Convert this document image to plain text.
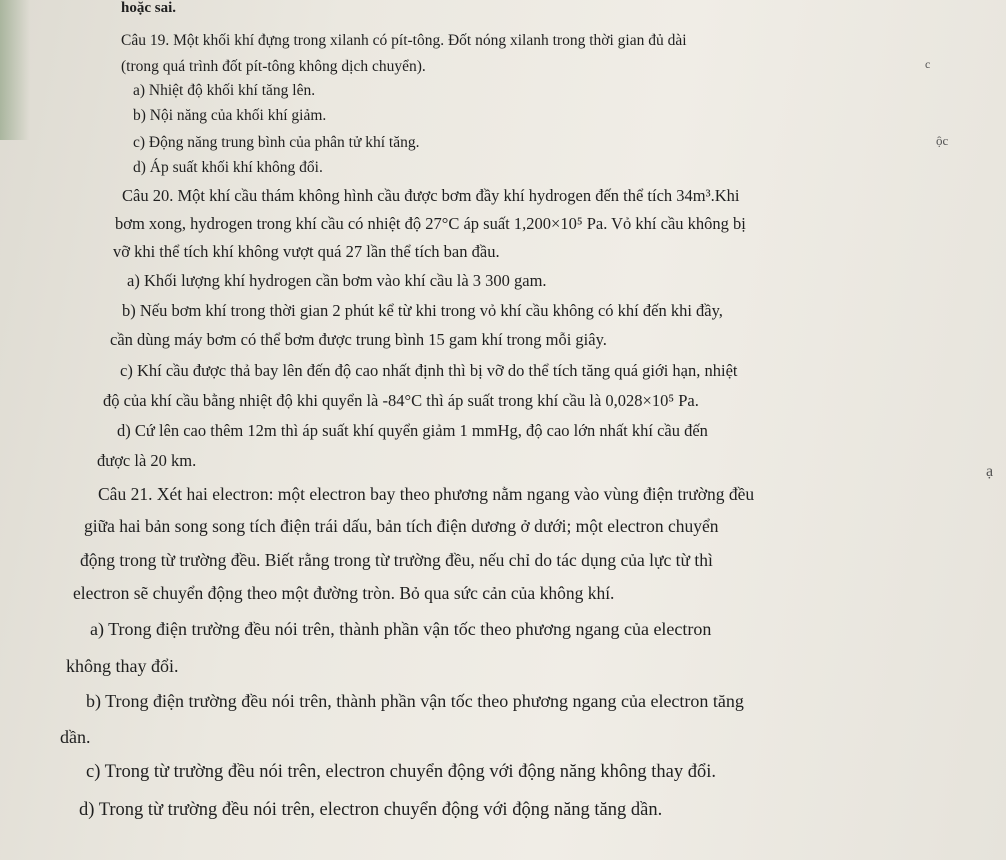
hoặc sai.
Câu 19. Một khối khí đựng trong xilanh có pít-tông. Đốt nóng xilanh trong thời gian đủ dài
(trong quá trình đốt pít-tông không dịch chuyển).
a) Nhiệt độ khối khí tăng lên.
b) Nội năng của khối khí giảm.
c) Động năng trung bình của phân tử khí tăng.
d) Áp suất khối khí không đổi.
Câu 20. Một khí cầu thám không hình cầu được bơm đầy khí hydrogen đến thể tích 34m³.Khi
bơm xong, hydrogen trong khí cầu có nhiệt độ 27°C áp suất 1,200×10⁵ Pa. Vỏ khí cầu không bị
vỡ khi thể tích khí không vượt quá 27 lần thể tích ban đầu.
a) Khối lượng khí hydrogen cần bơm vào khí cầu là 3 300 gam.
b) Nếu bơm khí trong thời gian 2 phút kể từ khi trong vỏ khí cầu không có khí đến khi đầy,
cần dùng máy bơm có thể bơm được trung bình 15 gam khí trong mỗi giây.
c) Khí cầu được thả bay lên đến độ cao nhất định thì bị vỡ do thể tích tăng quá giới hạn, nhiệt
độ của khí cầu bằng nhiệt độ khi quyển là -84°C thì áp suất trong khí cầu là 0,028×10⁵ Pa.
d) Cứ lên cao thêm 12m thì áp suất khí quyển giảm 1 mmHg, độ cao lớn nhất khí cầu đến
được là 20 km.
Câu 21. Xét hai electron: một electron bay theo phương nằm ngang vào vùng điện trường đều
giữa hai bản song song tích điện trái dấu, bản tích điện dương ở dưới; một electron chuyển
động trong từ trường đều. Biết rằng trong từ trường đều, nếu chỉ do tác dụng của lực từ thì
electron sẽ chuyển động theo một đường tròn. Bỏ qua sức cản của không khí.
a) Trong điện trường đều nói trên, thành phần vận tốc theo phương ngang của electron
không thay đổi.
b) Trong điện trường đều nói trên, thành phần vận tốc theo phương ngang của electron tăng
dần.
c) Trong từ trường đều nói trên, electron chuyển động với động năng không thay đổi.
d) Trong từ trường đều nói trên, electron chuyển động với động năng tăng dần.
c
ộc
ạ
